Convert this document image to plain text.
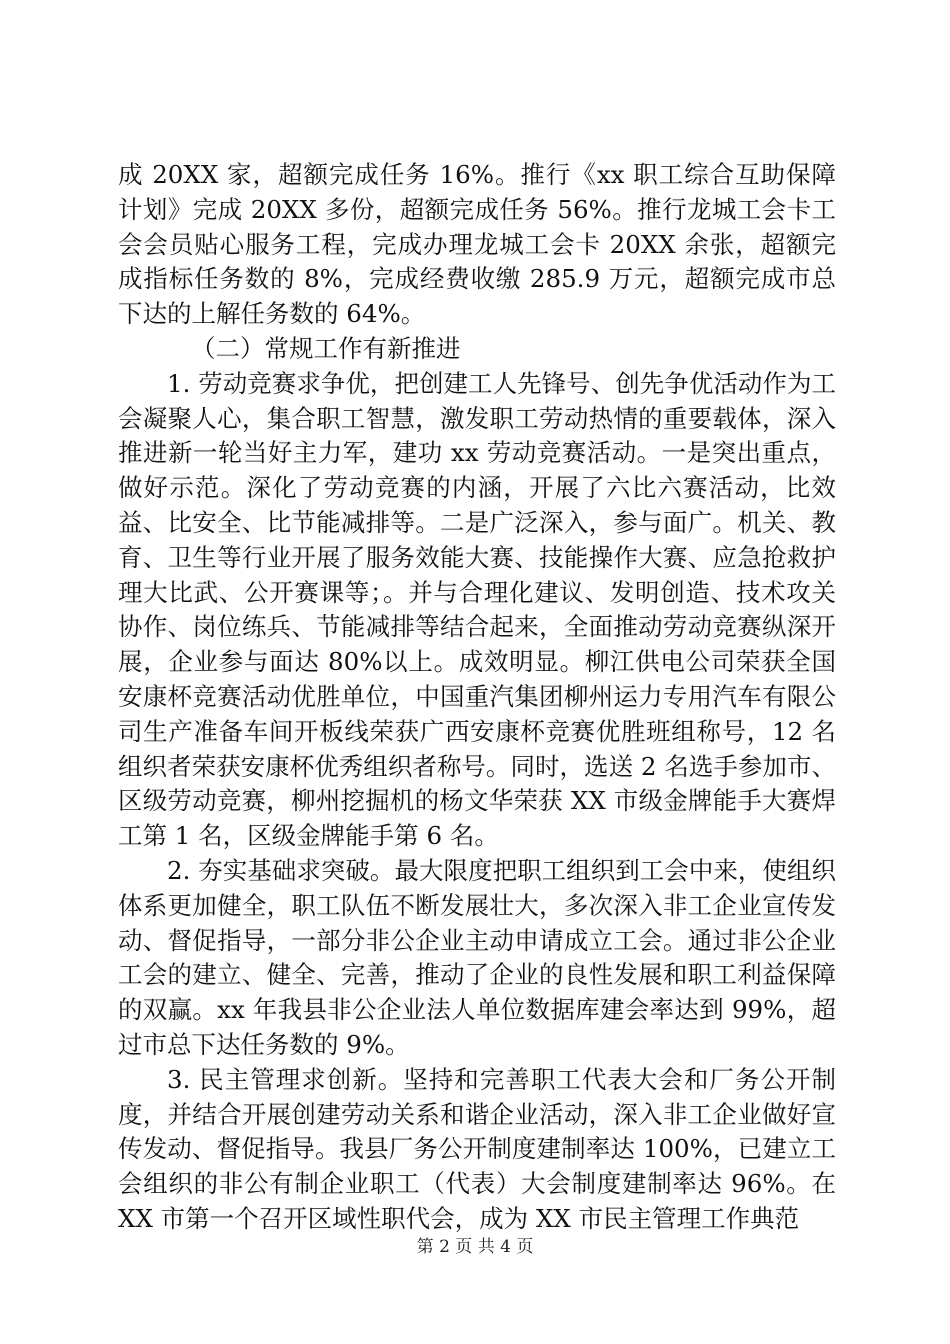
成 20XX 家，超额完成任务 16%。推行《xx 职工综合互助保障计划》完成 20XX 多份，超额完成任务 56%。推行龙城工会卡工会会员贴心服务工程，完成办理龙城工会卡 20XX 余张，超额完成指标任务数的 8%，完成经费收缴 285.9 万元，超额完成市总下达的上解任务数的 64%。

（二）常规工作有新推进

1. 劳动竞赛求争优，把创建工人先锋号、创先争优活动作为工会凝聚人心，集合职工智慧，激发职工劳动热情的重要载体，深入推进新一轮当好主力军，建功 xx 劳动竞赛活动。一是突出重点，做好示范。深化了劳动竞赛的内涵，开展了六比六赛活动，比效益、比安全、比节能减排等。二是广泛深入，参与面广。机关、教育、卫生等行业开展了服务效能大赛、技能操作大赛、应急抢救护理大比武、公开赛课等；。并与合理化建议、发明创造、技术攻关协作、岗位练兵、节能减排等结合起来，全面推动劳动竞赛纵深开展，企业参与面达 80%以上。成效明显。柳江供电公司荣获全国安康杯竞赛活动优胜单位，中国重汽集团柳州运力专用汽车有限公司生产准备车间开板线荣获广西安康杯竞赛优胜班组称号，12 名组织者荣获安康杯优秀组织者称号。同时，选送 2 名选手参加市、区级劳动竞赛，柳州挖掘机的杨文华荣获 XX 市级金牌能手大赛焊工第 1 名，区级金牌能手第 6 名。

2. 夯实基础求突破。最大限度把职工组织到工会中来，使组织体系更加健全，职工队伍不断发展壮大，多次深入非工企业宣传发动、督促指导，一部分非公企业主动申请成立工会。通过非公企业工会的建立、健全、完善，推动了企业的良性发展和职工利益保障的双赢。xx 年我县非公企业法人单位数据库建会率达到 99%，超过市总下达任务数的 9%。

3. 民主管理求创新。坚持和完善职工代表大会和厂务公开制度，并结合开展创建劳动关系和谐企业活动，深入非工企业做好宣传发动、督促指导。我县厂务公开制度建制率达 100%，已建立工会组织的非公有制企业职工（代表）大会制度建制率达 96%。在 XX 市第一个召开区域性职代会，成为 XX 市民主管理工作典范

第 2 页 共 4 页
